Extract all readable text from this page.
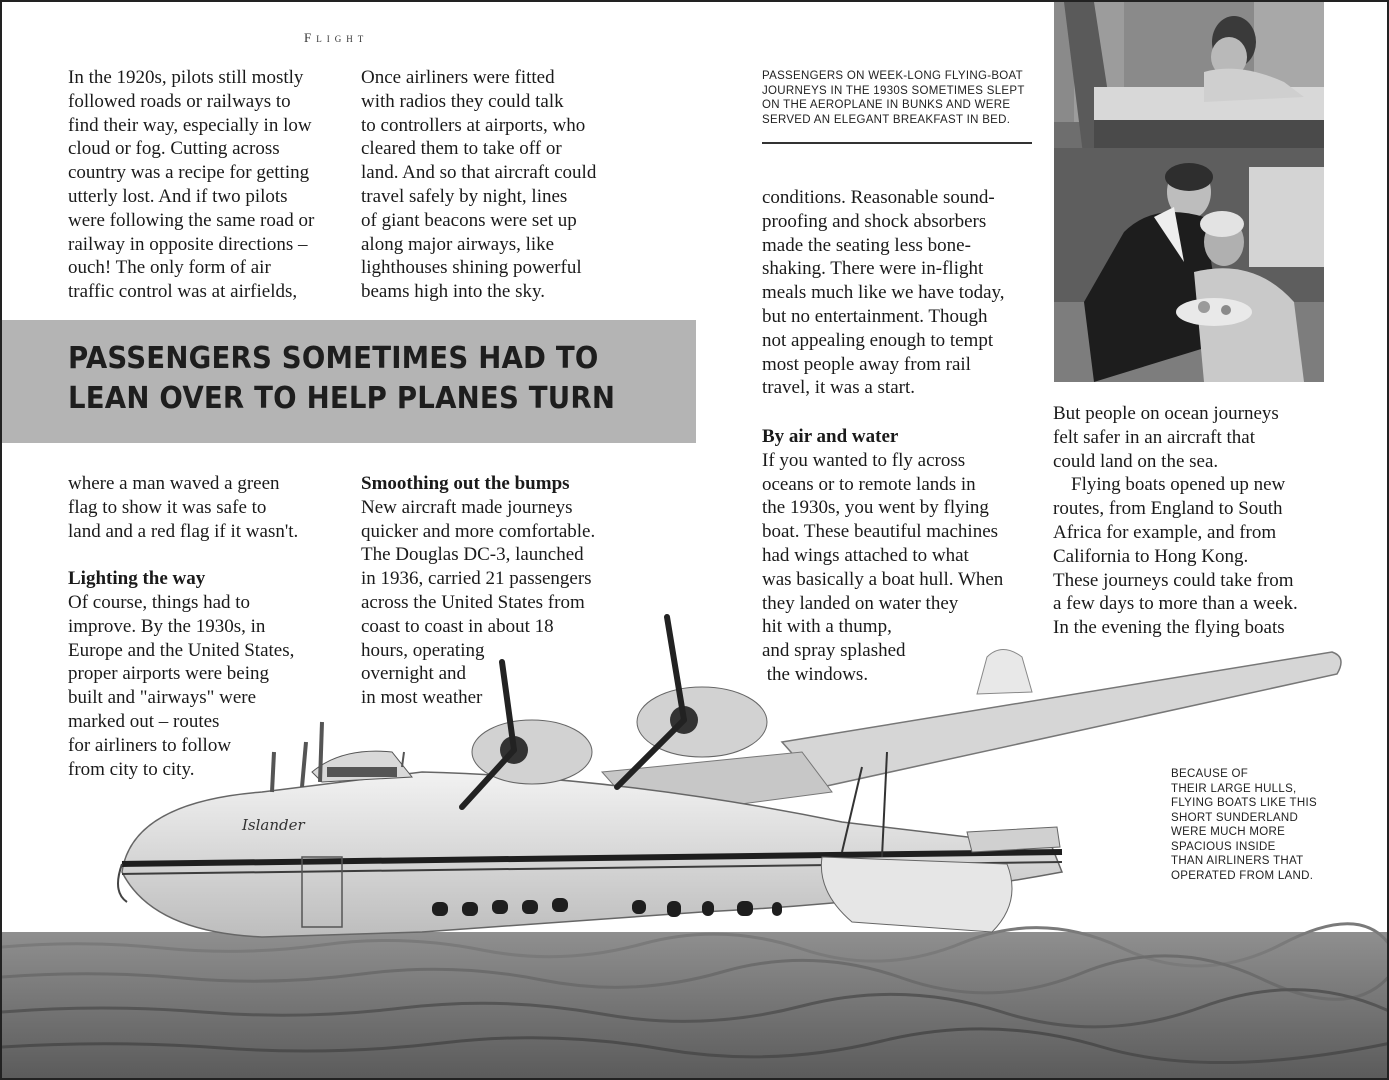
Flight

In the 1920s, pilots still mostly

followed roads or railways to

find their way, especially in low

cloud or fog. Cutting across

country was a recipe for getting

utterly lost. And if two pilots

were following the same road or

railway in opposite directions –

ouch! The only form of air

traffic control was at airfields,

Once airliners were fitted

with radios they could talk

to controllers at airports, who

cleared them to take off or

land. And so that aircraft could

travel safely by night, lines

of giant beacons were set up

along major airways, like

lighthouses shining powerful

beams high into the sky.

PASSENGERS ON WEEK-LONG FLYING-BOAT
JOURNEYS IN THE 1930S SOMETIMES SLEPT
ON THE AEROPLANE IN BUNKS AND WERE
SERVED AN ELEGANT BREAKFAST IN BED.

conditions. Reasonable sound-

proofing and shock absorbers

made the seating less bone-

shaking. There were in-flight

meals much like we have today,

but no entertainment. Though

not appealing enough to tempt

most people away from rail

travel, it was a start.

Islander

PASSENGERS SOMETIMES HAD TO
LEAN OVER TO HELP PLANES TURN

where a man waved a green

flag to show it was safe to

land and a red flag if it wasn't.

Lighting the way

Of course, things had to

improve. By the 1930s, in

Europe and the United States,

proper airports were being

built and "airways" were

marked out – routes

for airliners to follow

from city to city.

Smoothing out the bumps

New aircraft made journeys

quicker and more comfortable.

The Douglas DC-3, launched

in 1936, carried 21 passengers

across the United States from

coast to coast in about 18

hours, operating

overnight and

in most weather

By air and water

If you wanted to fly across

oceans or to remote lands in

the 1930s, you went by flying

boat. These beautiful machines

had wings attached to what

was basically a boat hull. When

they landed on water they

hit with a thump,

and spray splashed

the windows.

But people on ocean journeys

felt safer in an aircraft that

could land on the sea.

Flying boats opened up new

routes, from England to South

Africa for example, and from

California to Hong Kong.

These journeys could take from

a few days to more than a week.

In the evening the flying boats

BECAUSE OF
THEIR LARGE HULLS,
FLYING BOATS LIKE THIS
SHORT SUNDERLAND
WERE MUCH MORE
SPACIOUS INSIDE
THAN AIRLINERS THAT
OPERATED FROM LAND.
